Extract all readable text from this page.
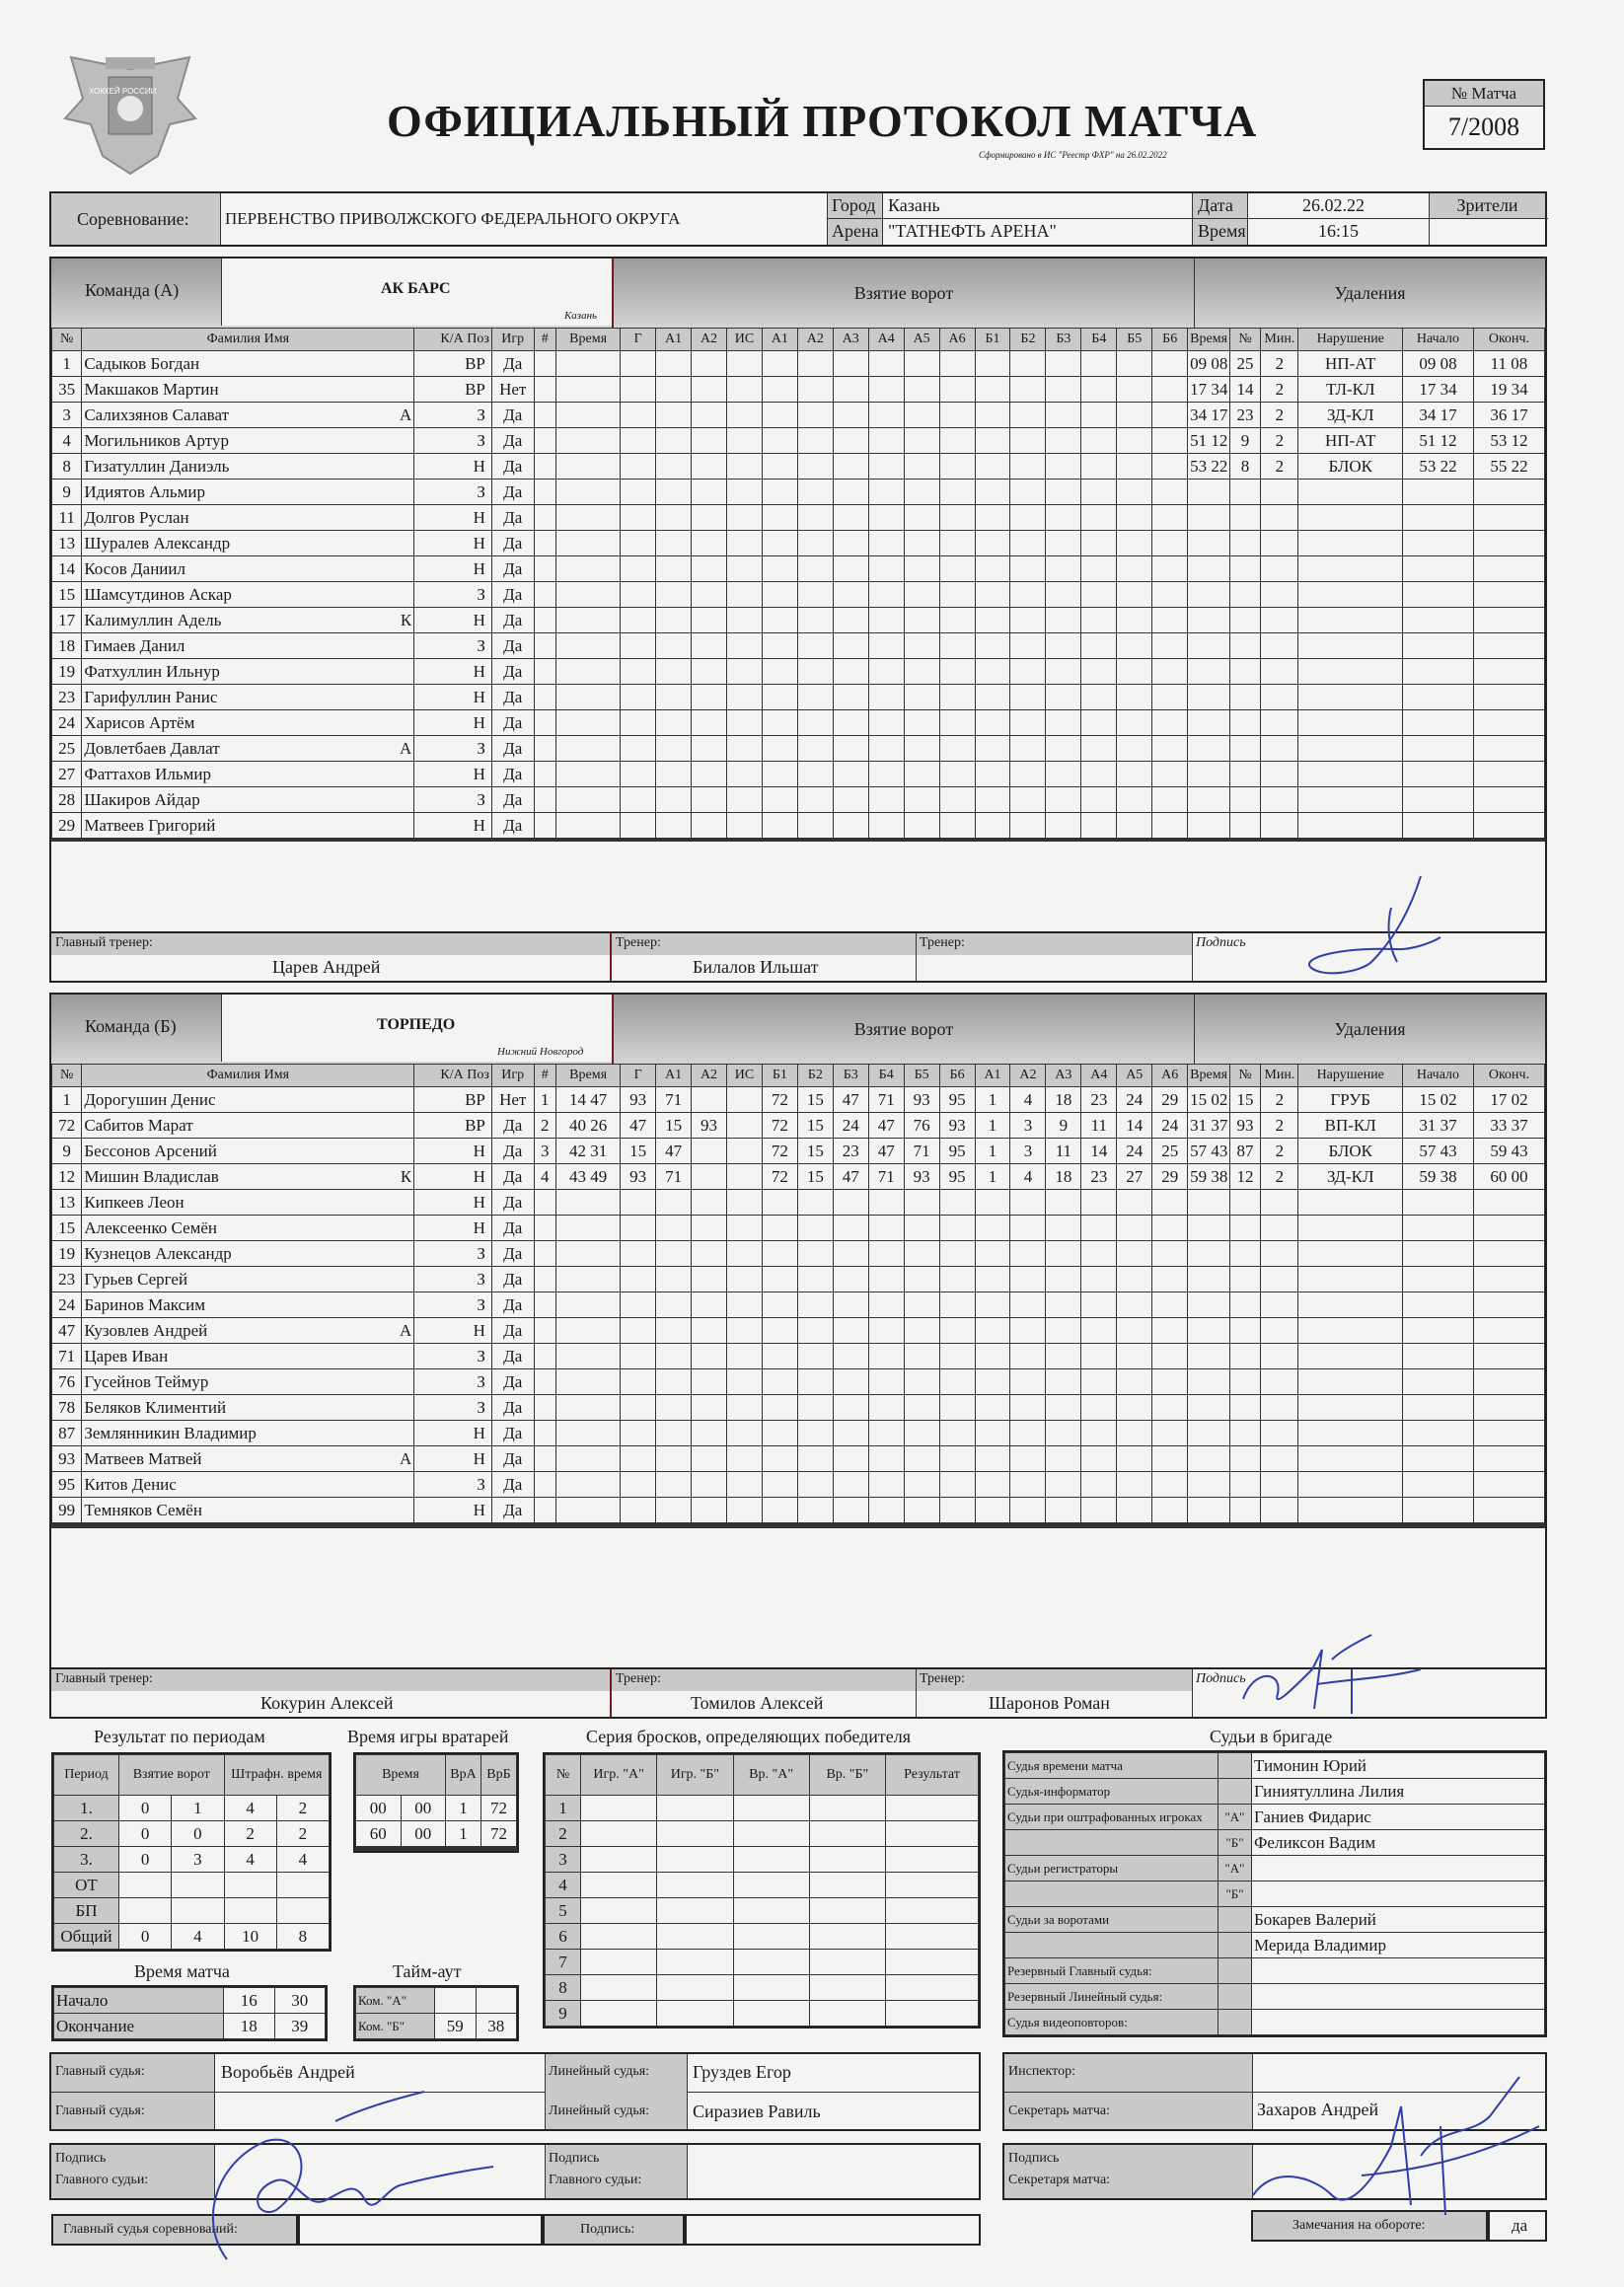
ХОККЕЙ РОССИИ
ОФИЦИАЛЬНЫЙ ПРОТОКОЛ МАТЧА
Сформировано в ИС "Реестр ФХР" на 26.02.2022
№ Матча
7/2008
Соревнование: ПЕРВЕНСТВО ПРИВОЛЖСКОГО ФЕДЕРАЛЬНОГО ОКРУГА
Город Казань
Арена "ТАТНЕФТЬ АРЕНА"
Дата	26.02.22
Время	16:15
Зрители
Команда (А)	АК БАРС
Казань
Взятие ворот	Удаления
№	Фамилия Имя	К/А Поз	Игр	#	Время	Г	А1	А2	ИС	А1	А2	А3	А4	А5	А6	Б1	Б2	Б3	Б4	Б5	Б6	Время	№	Мин.	Нарушение	Начало	Оконч.
1	Садыков Богдан	ВР	Да																			09 08	25	2	НП-АТ	09 08	11 08
35	Макшаков Мартин	ВР	Нет																			17 34	14	2	ТЛ-КЛ	17 34	19 34
3	Салихзянов Салават А	З	Да																			34 17	23	2	ЗД-КЛ	34 17	36 17
4	Могильников Артур	З	Да																			51 12	9	2	НП-АТ	51 12	53 12
8	Гизатуллин Даниэль	Н	Да																			53 22	8	2	БЛОК	53 22	55 22
9	Идиятов Альмир	З	Да																								
11	Долгов Руслан	Н	Да																								
13	Шуралев Александр	Н	Да																								
14	Косов Даниил	Н	Да																								
15	Шамсутдинов Аскар	З	Да																								
17	Калимуллин Адель К	Н	Да																								
18	Гимаев Данил	З	Да																								
19	Фатхуллин Ильнур	Н	Да																								
23	Гарифуллин Ранис	Н	Да																								
24	Харисов Артём	Н	Да																								
25	Довлетбаев Давлат А	З	Да																								
27	Фаттахов Ильмир	Н	Да																								
28	Шакиров Айдар	З	Да																								
29	Матвеев Григорий	Н	Да																								

Главный тренер:
Царев Андрей
Тренер:
Билалов Ильшат
Тренер:	Подпись
Команда (Б)	ТОРПЕДО
Нижний Новгород
Взятие ворот	Удаления
№	Фамилия Имя	К/А Поз	Игр	#	Время	Г	А1	А2	ИС	Б1	Б2	Б3	Б4	Б5	Б6	А1	А2	А3	А4	А5	А6	Время	№	Мин.	Нарушение	Начало	Оконч.
1	Дорогушин Денис	ВР	Нет	1	14 47	93	71			72	15	47	71	93	95	1	4	18	23	24	29	15 02	15	2	ГРУБ	15 02	17 02
72	Сабитов Марат	ВР	Да	2	40 26	47	15	93		72	15	24	47	76	93	1	3	9	11	14	24	31 37	93	2	ВП-КЛ	31 37	33 37
9	Бессонов Арсений	Н	Да	3	42 31	15	47			72	15	23	47	71	95	1	3	11	14	24	25	57 43	87	2	БЛОК	57 43	59 43
12	Мишин Владислав К	Н	Да	4	43 49	93	71			72	15	47	71	93	95	1	4	18	23	27	29	59 38	12	2	ЗД-КЛ	59 38	60 00
13	Кипкеев Леон	Н	Да																								
15	Алексеенко Семён	Н	Да																								
19	Кузнецов Александр	З	Да																								
23	Гурьев Сергей	З	Да																								
24	Баринов Максим	З	Да																								
47	Кузовлев Андрей А	Н	Да																								
71	Царев Иван	З	Да																								
76	Гусейнов Теймур	З	Да																								
78	Беляков Климентий	З	Да																								
87	Землянникин Владимир	Н	Да																								
93	Матвеев Матвей А	Н	Да																								
95	Китов Денис	З	Да																								
99	Темняков Семён	Н	Да																								

Главный тренер:
Кокурин Алексей
Тренер:
Томилов Алексей
Тренер:
Шаронов Роман
Подпись
Результат по периодам
Период	Взятие ворот		Штрафн. время	
1.	0	1	4	2
2.	0	0	2	2
3.	0	3	4	4
ОТ				
БП				
Общий	0	4	10	8
Время игры вратарей
Время		ВрА	ВрБ
00	00	1	72
60	00	1	72

Время матча
Начало	16	30
Окончание	18	39
Тайм-аут
Ком. "А"		
Ком. "Б"	59	38
Серия бросков, определяющих победителя
№	Игр. "А"	Игр. "Б"	Вр. "А"	Вр. "Б"	Результат
1					
2					
3					
4					
5					
6					
7					
8					
9					
Судьи в бригаде
Судья времени матча		Тимонин Юрий
Судья-информатор		Гиниятуллина Лилия
Судьи при оштрафованных игроках	"А"	Ганиев Фидарис
	"Б"	Феликсон Вадим
Судьи регистраторы	"А"	
	"Б"	
Судьи за воротами		Бокарев Валерий
		Мерида Владимир
Резервный Главный судья:		
Резервный Линейный судья:		
Судья видеоповторов:		
Главный судья:	Воробьёв Андрей
Главный судья:
Линейный судья: Груздев Егор
Линейный судья: Сиразиев Равиль
Инспектор:
Секретарь матча:	Захаров Андрей
Подпись
Главного судьи:
Подпись
Главного судьи:
Подпись
Секретаря матча:
Главный судья соревнований:	Подпись:	Замечания на обороте:	да
